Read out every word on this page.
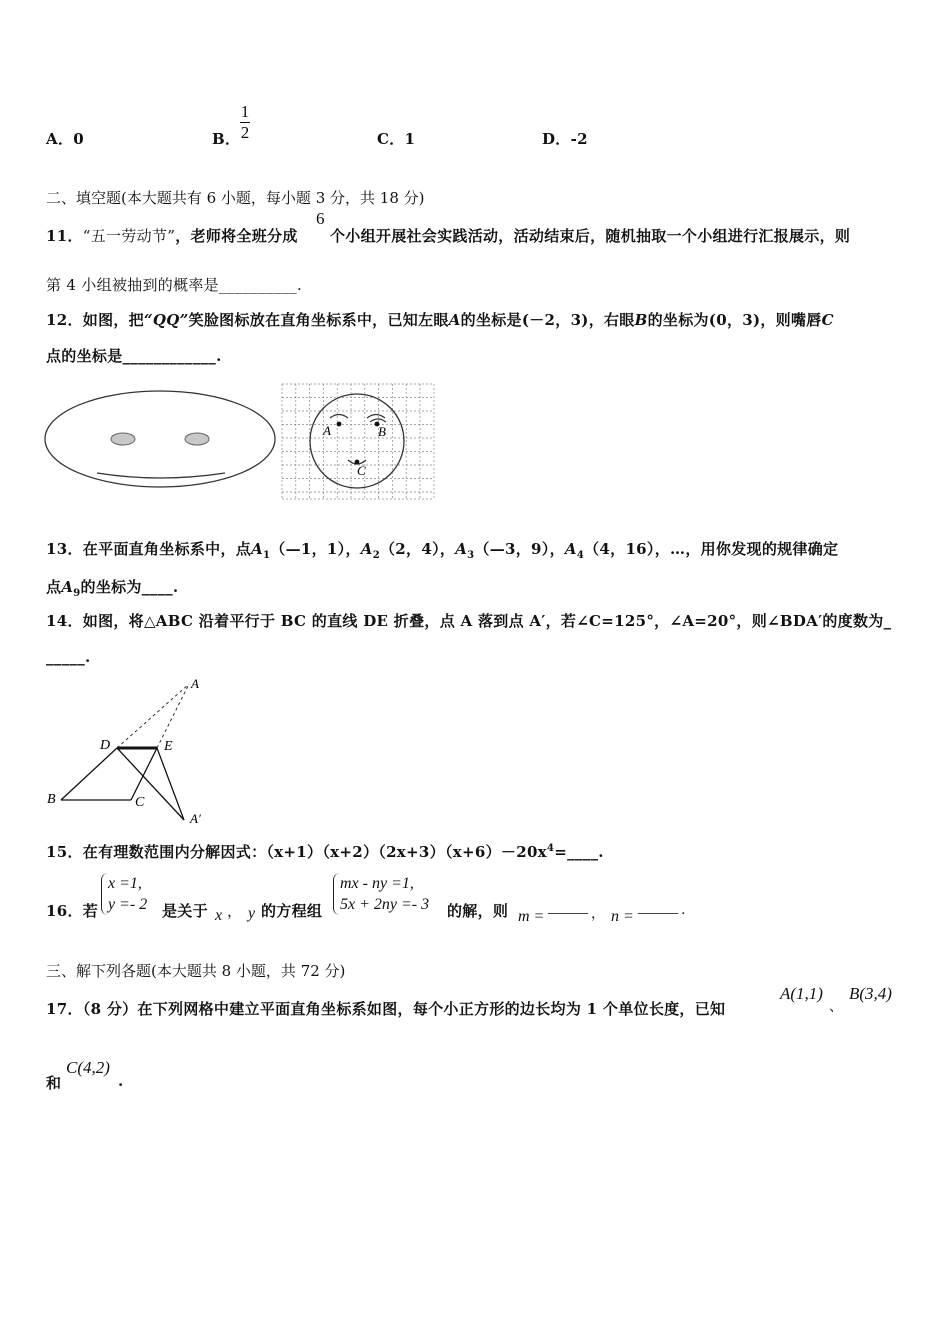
A．0	B． $\frac{1}{2}$	C．1	D．-2
二、填空题(本大题共有 6 小题，每小题 3 分，共 18 分)
11．“五一劳动节”，老师将全班分成
6
个小组开展社会实践活动，活动结束后，随机抽取一个小组进行汇报展示，则
第 4 小组被抽到的概率是__________.
12．如图，把“QQ”笑脸图标放在直角坐标系中，已知左眼A的坐标是(－2，3)，右眼B的坐标为(0，3)，则嘴唇C
点的坐标是____________.
A	B
C
13．在平面直角坐标系中，点$A_1(—1$，1），$A_2(2$，4），$A_3(—3$，9），$A_4(4$，16），…，用你发现的规律确定
点$A_9$的坐标为____.
14．如图，将△ABC 沿着平行于 BC 的直线 DE 折叠，点 A 落到点 A′，若∠C=125°，∠A=20°，则∠BDA′的度数为_
_____.
A
D	E
B	C
A′
15．在有理数范围内分解因式：$(x+1)(x+2)(2x+3)(x+6)-20x^4=\_\_\_\_$.
16．若
x =1,
y =- 2 是关于 x ， y 的方程组
mx - ny =1,
5x + 2ny =- 3 的解，则 m =
_____ ， n =
_____ .
三、解下列各题(本大题共 8 小题，共 72 分)
17．（8 分）在下列网格中建立平面直角坐标系如图，每个小正方形的边长均为 1 个单位长度，已知
A(1,1)
、
B(3,4)
和
C(4,2)
.
